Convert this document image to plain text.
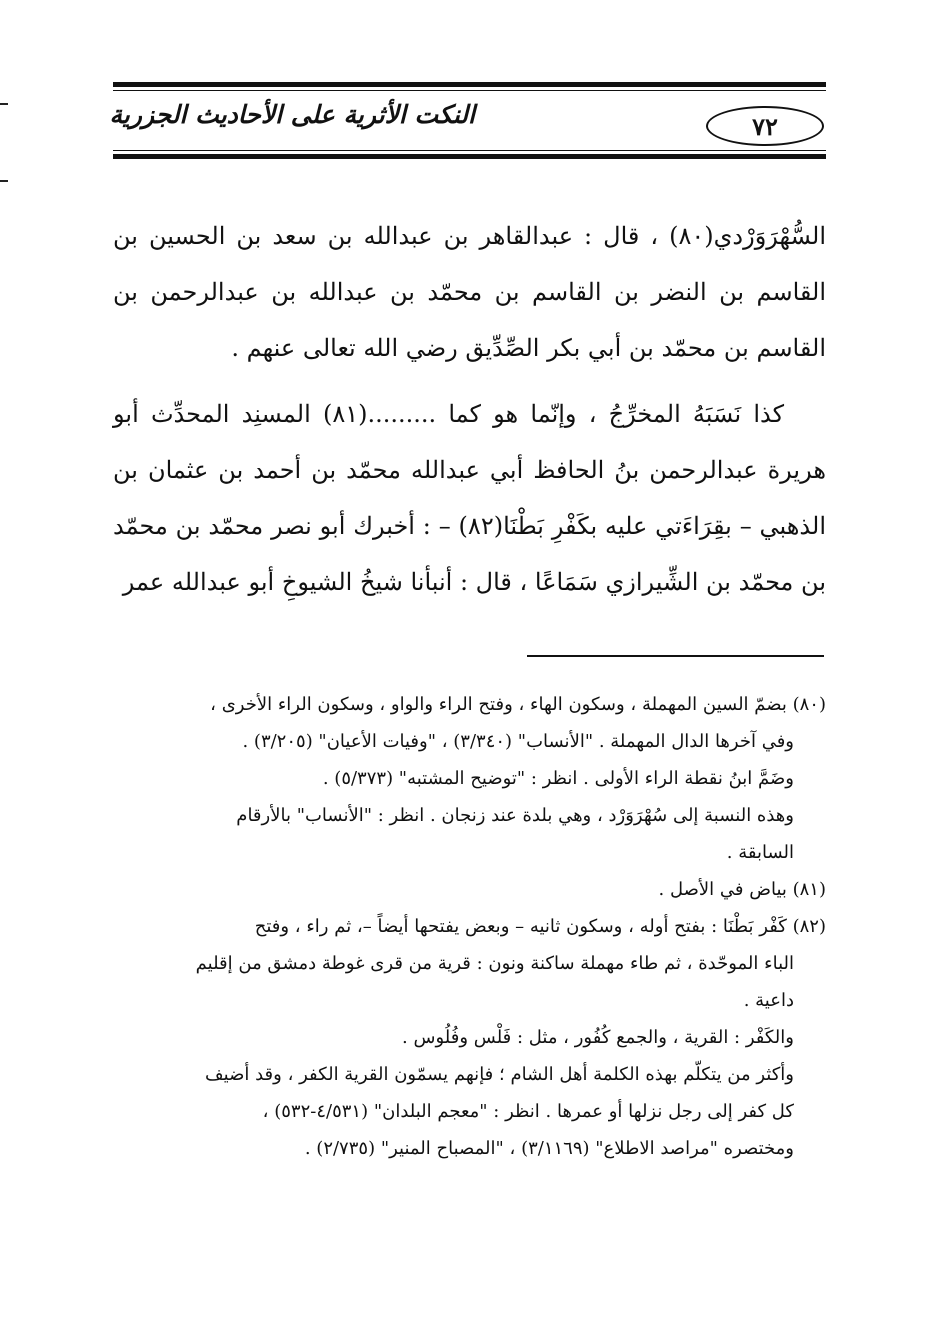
النكت الأثرية على الأحاديث الجزرية	٧٢

السُّهْرَوَرْدي(٨٠) ، قال : عبدالقاهر بن عبدالله بن سعد بن الحسين بن القاسم بن النضر بن القاسم بن محمّد بن عبدالله بن عبدالرحمن بن القاسم بن محمّد بن أبي بكر الصِّدِّيق رضي الله تعالى عنهم .

كذا نَسَبَهُ المخرِّجُ ، وإنّما هو كما .........(٨١) المسنِد المحدِّث أبو هريرة عبدالرحمن بنُ الحافظ أبي عبدالله محمّد بن أحمد بن عثمان بن الذهبي – بقِرَاءَتي عليه بكَفْرِ بَطْنَا(٨٢) – : أخبرك أبو نصر محمّد بن محمّد بن محمّد بن الشِّيرازي سَمَاعًا ، قال : أنبأنا شيخُ الشيوخِ أبو عبدالله عمر

(٨٠) بضمّ السين المهملة ، وسكون الهاء ، وفتح الراء والواو ، وسكون الراء الأخرى ،

وفي آخرها الدال المهملة . "الأنساب" (٣/٣٤٠) ، "وفيات الأعيان" (٣/٢٠٥) .

وضَمَّ ابنُ نقطة الراء الأولى . انظر : "توضيح المشتبه" (٥/٣٧٣) .

وهذه النسبة إلى سُهْرَوَرْد ، وهي بلدة عند زنجان . انظر : "الأنساب" بالأرقام

السابقة .

(٨١) بياض في الأصل .

(٨٢) كَفْر بَطْنَا : بفتح أوله ، وسكون ثانيه – وبعض يفتحها أيضاً –، ثم راء ، وفتح

الباء الموحّدة ، ثم طاء مهملة ساكنة ونون : قرية من قرى غوطة دمشق من إقليم

داعية .

والكَفْر : القرية ، والجمع كُفُور ، مثل : فَلْس وفُلُوس .

وأكثر من يتكلّم بهذه الكلمة أهل الشام ؛ فإنهم يسمّون القرية الكفر ، وقد أضيف

كل كفر إلى رجل نزلها أو عمرها . انظر : "معجم البلدان" (٤/٥٣١-٥٣٢) ،

ومختصره "مراصد الاطلاع" (٣/١١٦٩) ، "المصباح المنير" (٢/٧٣٥) .
